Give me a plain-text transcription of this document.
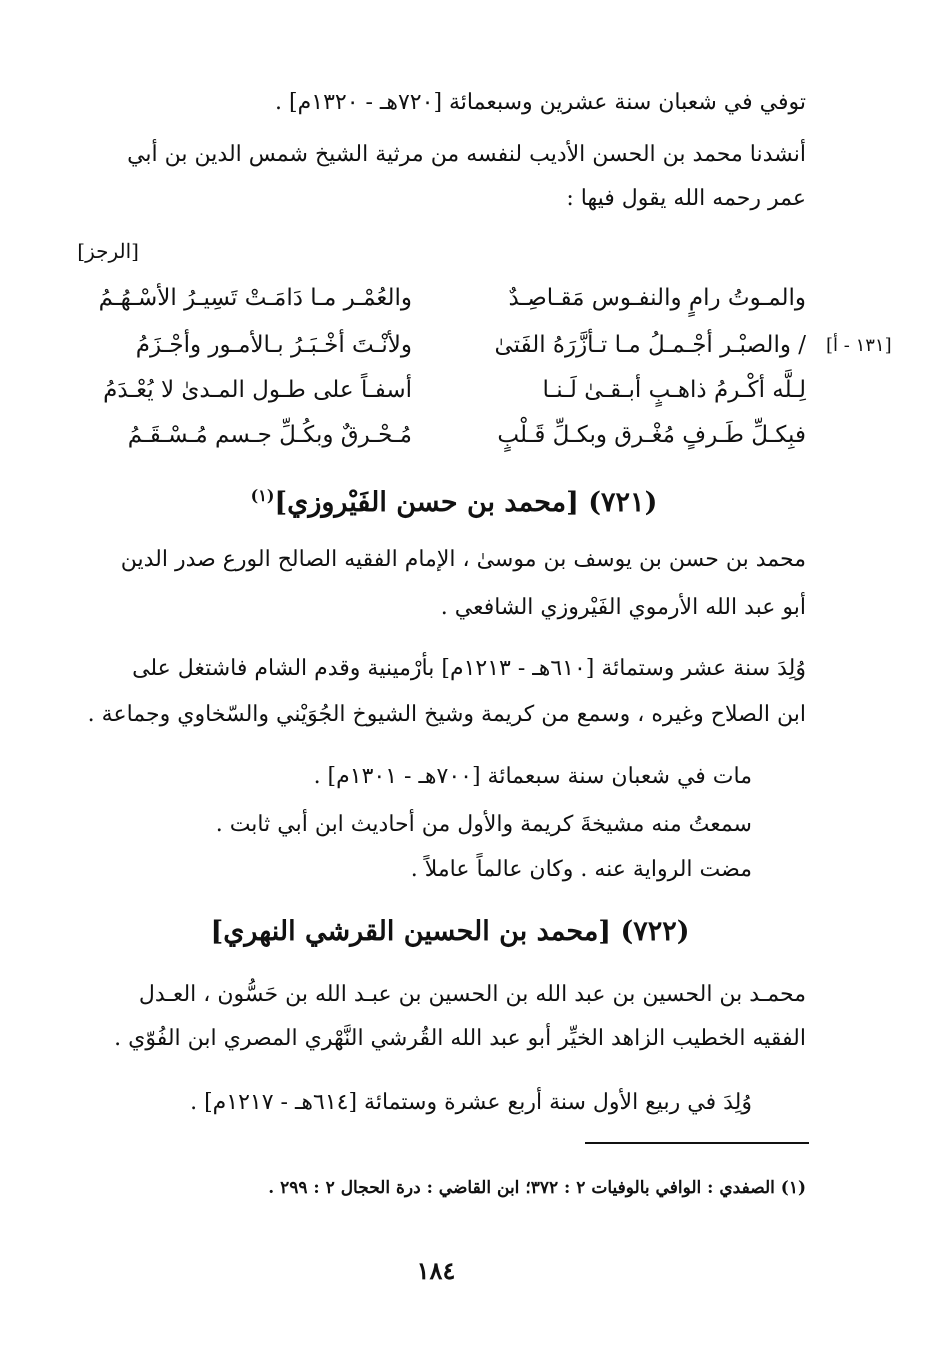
توفي في شعبان سنة عشرين وسبعمائة [٧٢٠هـ - ١٣٢٠م] .
أنشدنا محمد بن الحسن الأديب لنفسه من مرثية الشيخ شمس الدين بن أبي
عمر رحمه الله يقول فيها :
[الرجز]
[١٣١ - أ]
والمـوتُ رامٍ والنفـوس مَقـاصِـدٌ
والعُمْـر مـا دَامَـتْ تَسِيـرُ الأسْـهُـمُ
/ والصبْـر أجْـمـلُ مـا تـأزَّرَهُ الفَتىٰ
ولأنْـتَ أخْـبَـرُ بـالأمـور وأجْـزَمُ
لِـلَّه أكْـرمُ ذاهـبٍ أبـقـىٰ لَـنـا
أسفـاً على طـول المـدىٰ لا يُعْـدَمُ
فبِكـلِّ طَـرفٍ مُغْـرق وبكـلِّ قَـلْبٍ
مُـحْـرقٌ وبكُـلِّ جـسم مُـسْـقَـمُ
(٧٢١) [محمد بن حسن الفَيْروزي]$^{(١)}$
محمد بن حسن بن يوسف بن موسىٰ ، الإمام الفقيه الصالح الورع صدر الدين
أبو عبد الله الأرموي الفَيْروزي الشافعي .
وُلِدَ سنة عشر وستمائة [٦١٠هـ - ١٢١٣م] بأرْمينية وقدم الشام فاشتغل على
ابن الصلاح وغيره ، وسمع من كريمة وشيخ الشيوخ الجُوَيْني والسّخاوي وجماعة .
مات في شعبان سنة سبعمائة [٧٠٠هـ - ١٣٠١م] .
سمعتُ منه مشيخةَ كريمة والأول من أحاديث ابن أبي ثابت .
مضت الرواية عنه . وكان عالماً عاملاً .
(٧٢٢) [محمد بن الحسين القرشي النهري]
محمـد بن الحسين بن عبد الله بن الحسين بن عبـد الله بن حَسُّون ، العـدل
الفقيه الخطيب الزاهد الخيِّر أبو عبد الله القُرشي النَّهْري المصري ابن الفُوّي .
وُلِدَ في ربيع الأول سنة أربع عشرة وستمائة [٦١٤هـ - ١٢١٧م] .
(١) الصفدي : الوافي بالوفيات ٢ : ٣٧٢؛ ابن القاضي : درة الحجال ٢ : ٢٩٩ .
١٨٤
